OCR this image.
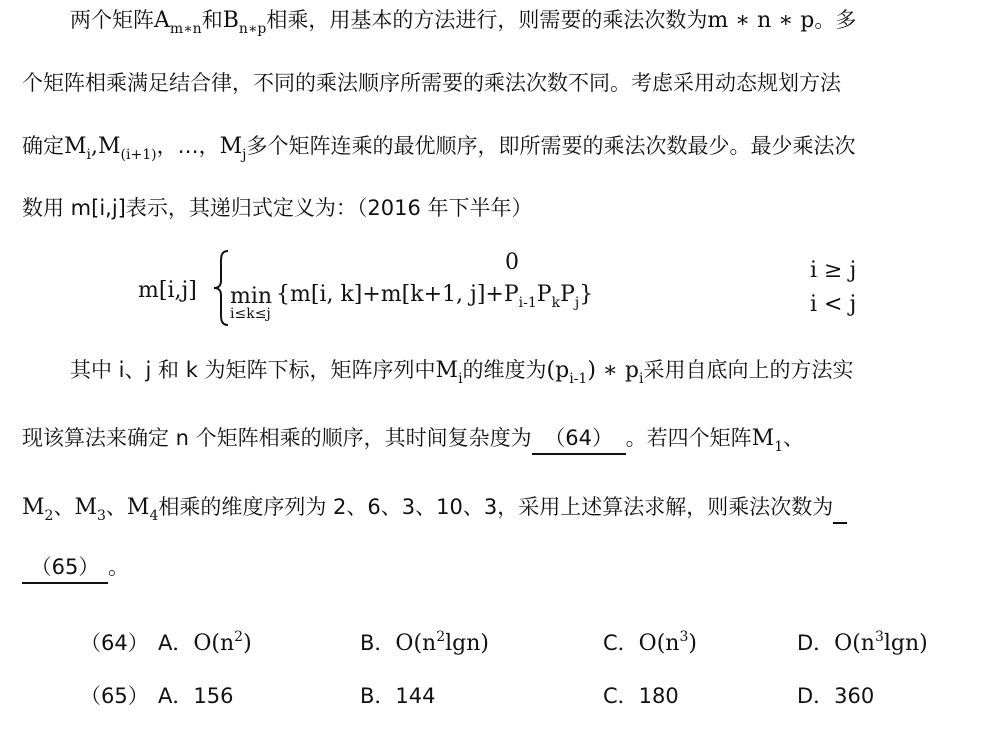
两个矩阵$A_{m∗n}$和$B_{n∗p}$相乘，用基本的方法进行，则需要的乘法次数为m ∗ n ∗ p。多
个矩阵相乘满足结合律，不同的乘法顺序所需要的乘法次数不同。考虑采用动态规划方法
确定$M_i,M_{(i+1)}$，…，$M_j$多个矩阵连乘的最优顺序，即所需要的乘法次数最少。最少乘法次
数用 m[i,j]表示，其递归式定义为：（2016 年下半年）
m[i,j]
0
min
i≤k≤j
{m[i, k]+m[k+1, $j]+P_{i-1}P_kP_j$}
i ≥ j
i < j
其中 i、j 和 k 为矩阵下标，矩阵序列中$M_i$的维度为$(p_{i-1})$ ∗ $p_i$采用自底向上的方法实
现该算法来确定 n 个矩阵相乘的顺序，其时间复杂度为 （64） 。若四个矩阵$M_1$、
$M_2$、$M_3$、$M_4$相乘的维度序列为 2、6、3、10、3，采用上述算法求解，则乘法次数为
（65） 。
（64） A．$O(n^2)$	B．$O(n^2\lg n)$	C．$O(n^3)$	D．$O(n^3\lg n)$
（65） A．156	B．144	C．180	D．360
